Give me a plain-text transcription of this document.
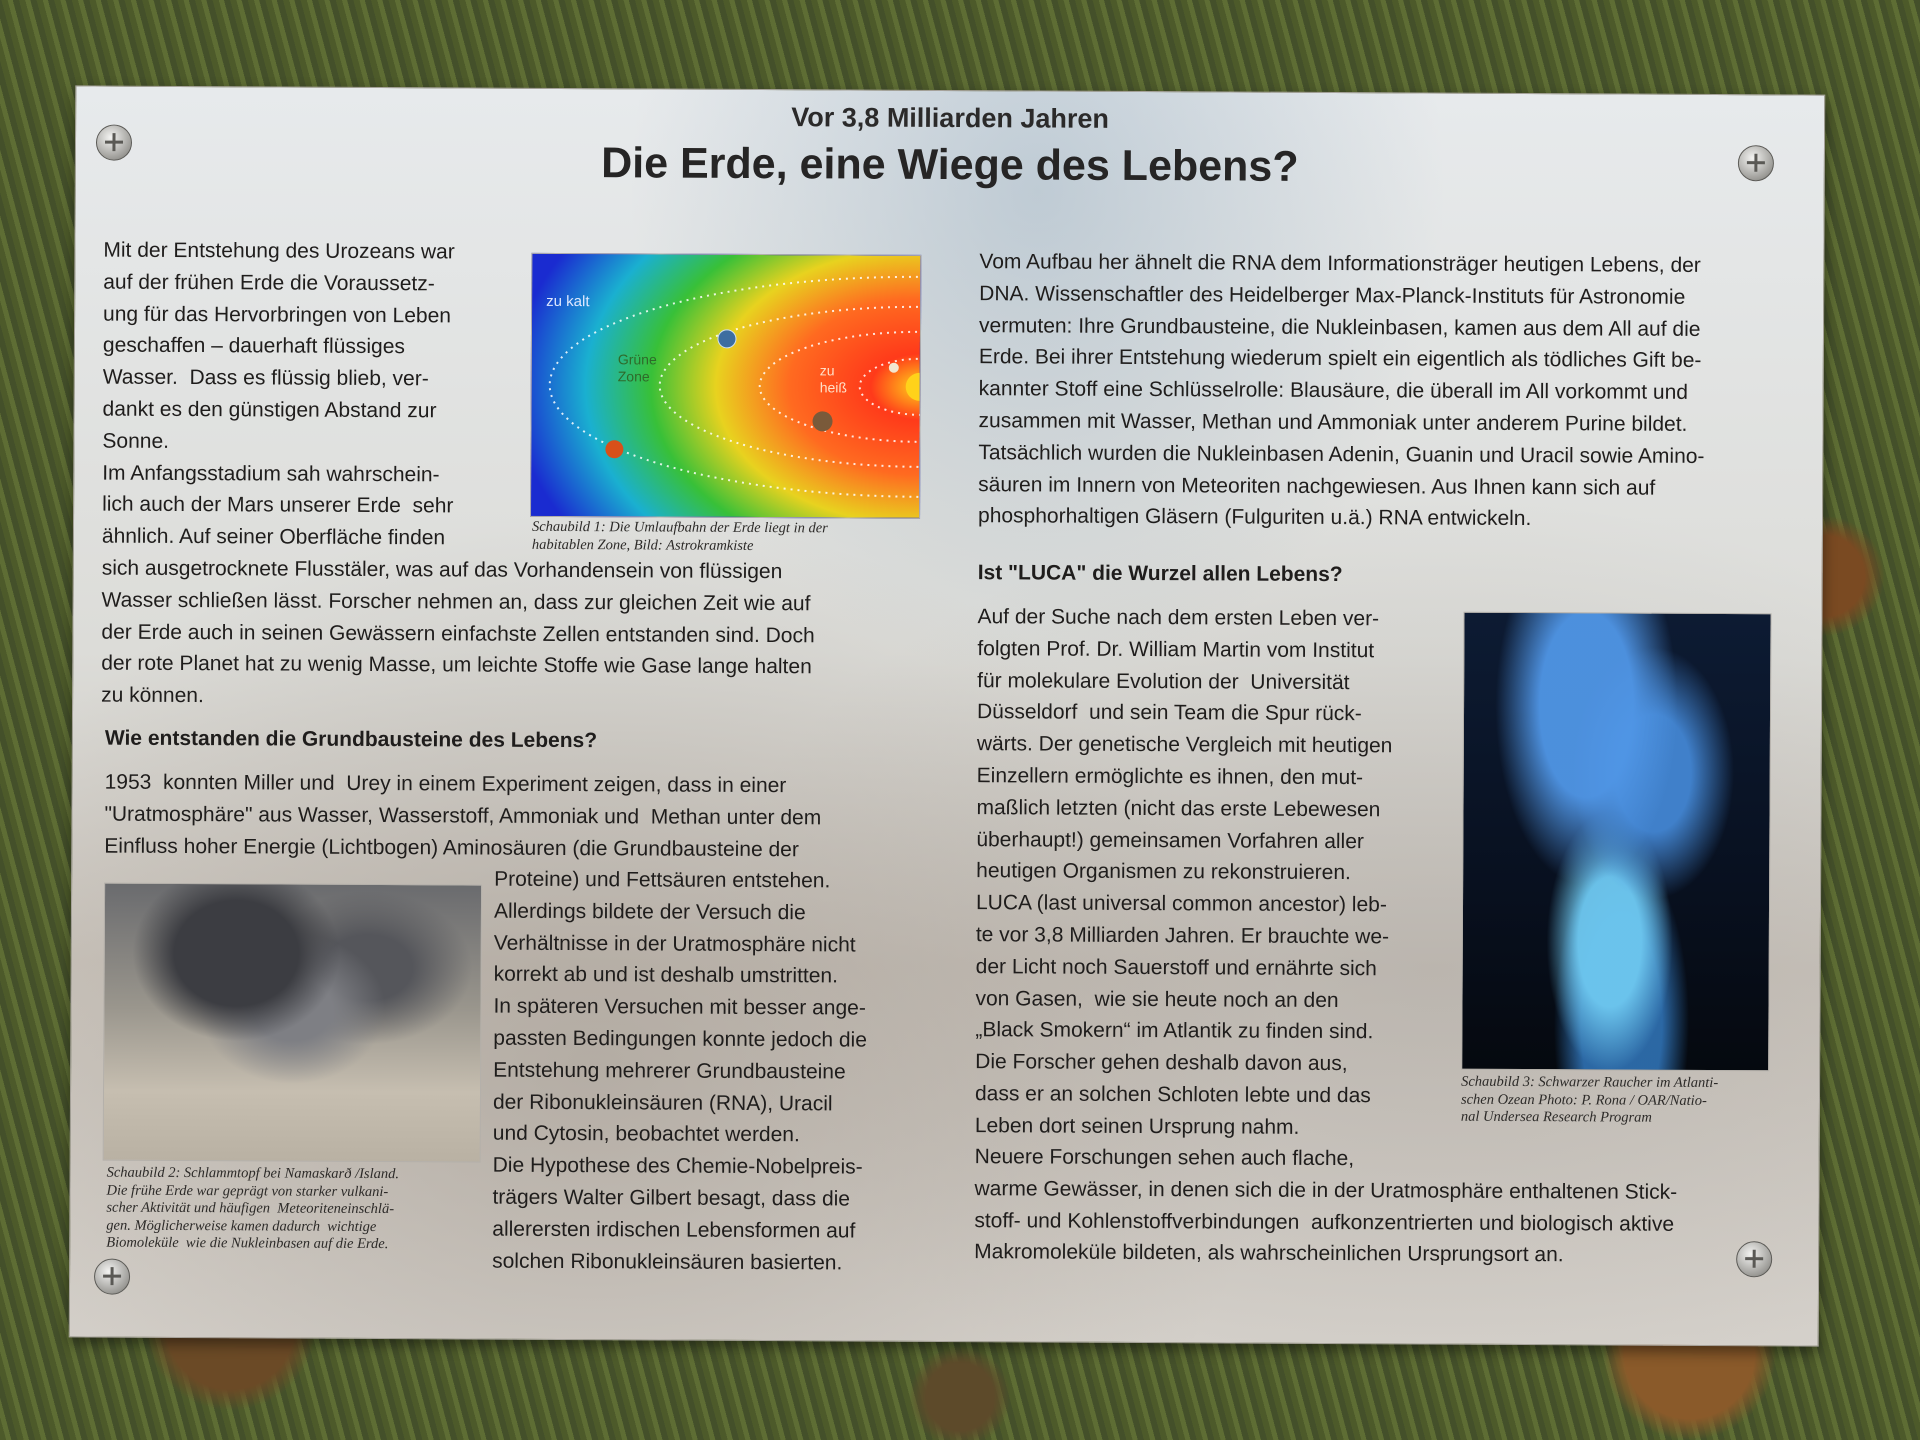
Vor 3,8 Milliarden Jahren
Die Erde, eine Wiege des Lebens?
Mit der Entstehung des Urozeans war
auf der frühen Erde die Voraussetz-
ung für das Hervorbringen von Leben
geschaffen – dauerhaft flüssiges
Wasser.  Dass es flüssig blieb, ver-
dankt es den günstigen Abstand zur
Sonne.
Im Anfangsstadium sah wahrschein-
lich auch der Mars unserer Erde  sehr
ähnlich. Auf seiner Oberfläche finden
sich ausgetrocknete Flusstäler, was auf das Vorhandensein von flüssigen
Wasser schließen lässt. Forscher nehmen an, dass zur gleichen Zeit wie auf
der Erde auch in seinen Gewässern einfachste Zellen entstanden sind. Doch
der rote Planet hat zu wenig Masse, um leichte Stoffe wie Gase lange halten
zu können.
Wie entstanden die Grundbausteine des Lebens?
1953  konnten Miller und  Urey in einem Experiment zeigen, dass in einer
"Uratmosphäre" aus Wasser, Wasserstoff, Ammoniak und  Methan unter dem
Einfluss hoher Energie (Lichtbogen) Aminosäuren (die Grundbausteine der
Proteine) und Fettsäuren entstehen.
Allerdings bildete der Versuch die
Verhältnisse in der Uratmosphäre nicht
korrekt ab und ist deshalb umstritten.
In späteren Versuchen mit besser ange-
passten Bedingungen konnte jedoch die
Entstehung mehrerer Grundbausteine
der Ribonukleinsäuren (RNA), Uracil
und Cytosin, beobachtet werden.
Die Hypothese des Chemie-Nobelpreis-
trägers Walter Gilbert besagt, dass die
allerersten irdischen Lebensformen auf
solchen Ribonukleinsäuren basierten.
Vom Aufbau her ähnelt die RNA dem Informationsträger heutigen Lebens, der
DNA. Wissenschaftler des Heidelberger Max-Planck-Instituts für Astronomie
vermuten: Ihre Grundbausteine, die Nukleinbasen, kamen aus dem All auf die
Erde. Bei ihrer Entstehung wiederum spielt ein eigentlich als tödliches Gift be-
kannter Stoff eine Schlüsselrolle: Blausäure, die überall im All vorkommt und
zusammen mit Wasser, Methan und Ammoniak unter anderem Purine bildet.
Tatsächlich wurden die Nukleinbasen Adenin, Guanin und Uracil sowie Amino-
säuren im Innern von Meteoriten nachgewiesen. Aus Ihnen kann sich auf
phosphorhaltigen Gläsern (Fulguriten u.ä.) RNA entwickeln.
Ist "LUCA" die Wurzel allen Lebens?
Auf der Suche nach dem ersten Leben ver-
folgten Prof. Dr. William Martin vom Institut
für molekulare Evolution der  Universität
Düsseldorf  und sein Team die Spur rück-
wärts. Der genetische Vergleich mit heutigen
Einzellern ermöglichte es ihnen, den mut-
maßlich letzten (nicht das erste Lebewesen
überhaupt!) gemeinsamen Vorfahren aller
heutigen Organismen zu rekonstruieren.
LUCA (last universal common ancestor) leb-
te vor 3,8 Milliarden Jahren. Er brauchte we-
der Licht noch Sauerstoff und ernährte sich
von Gasen,  wie sie heute noch an den
„Black Smokern“ im Atlantik zu finden sind.
Die Forscher gehen deshalb davon aus,
dass er an solchen Schloten lebte und das
Leben dort seinen Ursprung nahm.
Neuere Forschungen sehen auch flache,
warme Gewässer, in denen sich die in der Uratmosphäre enthaltenen Stick-
stoff- und Kohlenstoffverbindungen  aufkonzentrierten und biologisch aktive
Makromoleküle bildeten, als wahrscheinlichen Ursprungsort an.
zu kalt
Grüne Zone	zu heiß
Schaubild 1: Die Umlaufbahn der Erde liegt in der
habitablen Zone, Bild: Astrokramkiste
Schaubild 2: Schlammtopf bei Namaskarð /Island.
Die frühe Erde war geprägt von starker vulkani-
scher Aktivität und häufigen  Meteoriteneinschlä-
gen. Möglicherweise kamen dadurch  wichtige
Biomoleküle  wie die Nukleinbasen auf die Erde.
Schaubild 3: Schwarzer Raucher im Atlanti-
schen Ozean Photo: P. Rona / OAR/Natio-
nal Undersea Research Program
